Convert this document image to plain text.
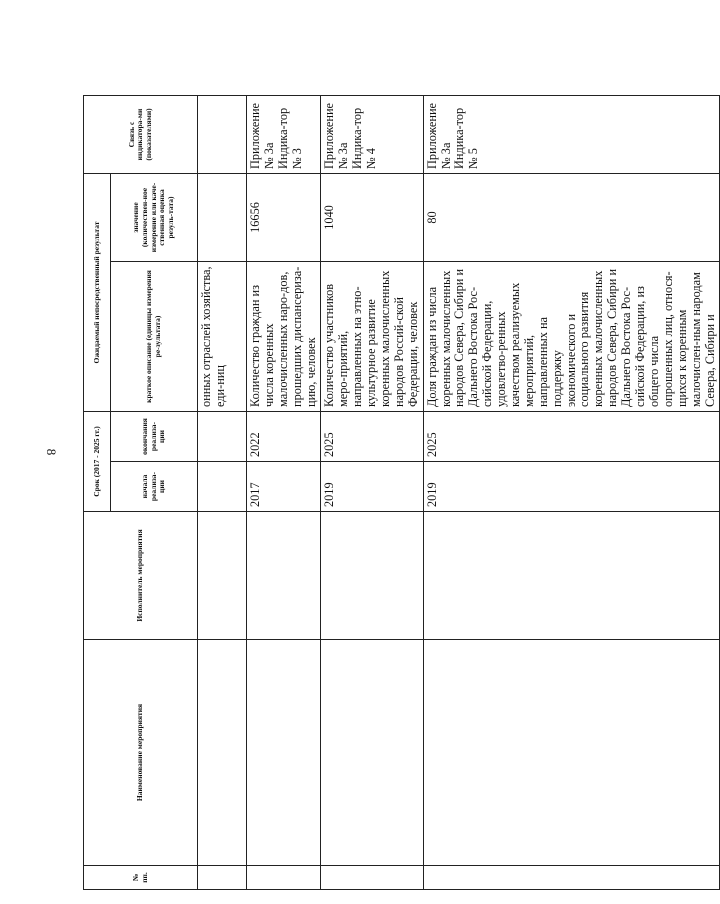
8
№ пп.	Наименование мероприятия	Исполнитель мероприятия	Срок (2017 - 2025 гг.)		Ожидаемый непосредственный результат		Связь с индикатора-ми (показателями)
			начала реализа-ции	окончания реализа-ции	краткое описание (единицы измерения ре-зультата)	значение (количествен-ное измерение или каче-ственная оценка резуль-тата)	
					онных отраслей хозяйства, еди-ниц		
			2017	2022	Количество граждан из числа коренных малочисленных наро-дов, прошедших диспансериза-цию, человек	16656	Приложение № 3а Индика-тор № 3
			2019	2025	Количество участников меро-приятий, направленных на этно-культурное развитие коренных малочисленных народов Россий-ской Федерации, человек	1040	Приложение № 3а Индика-тор № 4
			2019	2025	Доля граждан из числа коренных малочисленных народов Севера, Сибири и Дальнего Востока Рос-сийской Федерации, удовлетво-ренных качеством реализуемых мероприятий, направленных на поддержку экономического и социального развития коренных малочисленных народов Севера, Сибири и Дальнего Востока Рос-сийской Федерации, из общего числа опрошенных лиц, относя-щихся к коренным малочислен-ным народам Севера, Сибири и	80	Приложение № 3а Индика-тор № 5
